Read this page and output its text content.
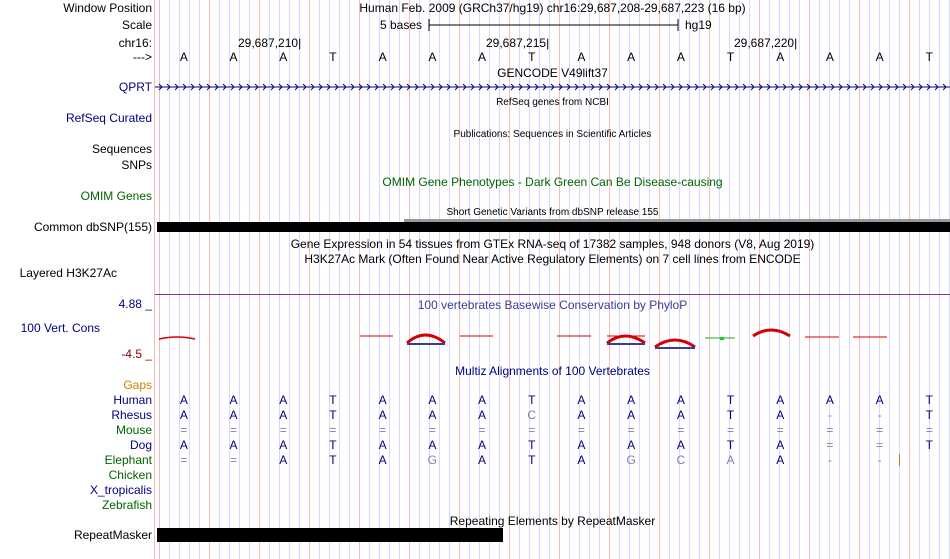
Window Position
Scale
chr16:
--->
QPRT
RefSeq Curated
Sequences
SNPs
OMIM Genes
Common dbSNP(155)
Layered H3K27Ac
4.88 _
100 Vert. Cons
-4.5 _
Gaps
Human
Rhesus
Mouse
Dog
Elephant
Chicken
X_tropicalis
Zebrafish
RepeatMasker
Human Feb. 2009 (GRCh37/hg19) chr16:29,687,208-29,687,223 (16 bp)
5 bases	hg19
29,687,210|	29,687,215|	29,687,220|
A	A	A	T	A	A	A	T	A	A	A	T	A	A	A	T
GENCODE V49lift37
RefSeq genes from NCBI
Publications: Sequences in Scientific Articles
OMIM Gene Phenotypes - Dark Green Can Be Disease-causing
Short Genetic Variants from dbSNP release 155
Gene Expression in 54 tissues from GTEx RNA-seq of 17382 samples, 948 donors (V8, Aug 2019)
H3K27Ac Mark (Often Found Near Active Regulatory Elements) on 7 cell lines from ENCODE
100 vertebrates Basewise Conservation by PhyloP
Multiz Alignments of 100 Vertebrates
A	A	A	T	A	A	A	T	A	A	A	T	A	A	A	T
A	A	A	T	A	A	A	C	A	A	A	T	A	-	-	T
=	=	=	=	=	=	=	=	=	=	=	=	=	=	=	=
A	A	A	T	A	A	A	T	A	A	A	T	A	=	=	T
=	=	A	T	A	G	A	T	A	G	C	A	A	-	-
Repeating Elements by RepeatMasker
